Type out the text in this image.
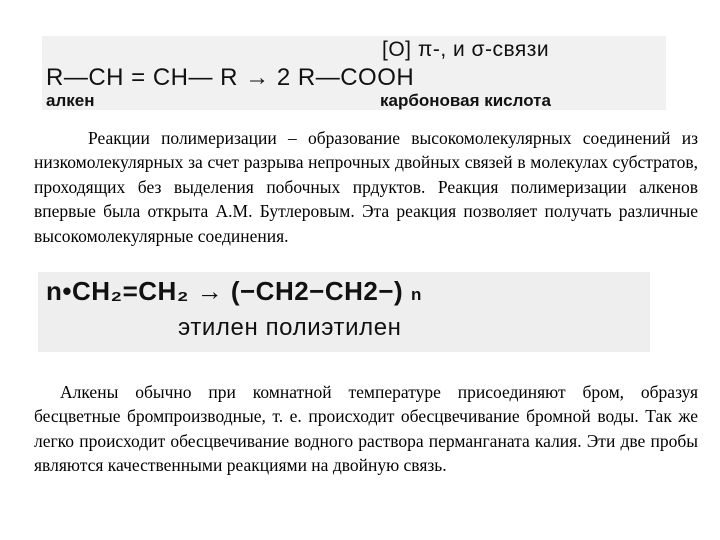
[O] π-, и σ-связи
R—CH = CH— R → 2 R—COOH
алкен	карбоновая кислота

Реакции полимеризации – образование высокомолекулярных соединений из низкомолекулярных за счет разрыва непрочных двойных связей в молекулах субстратов, проходящих без выделения побочных прдуктов. Реакция полимеризации алкенов впервые была открыта А.М. Бутлеровым. Эта реакция позволяет получать различные высокомолекулярные соединения.

n•CH₂=CH₂ → (−CH2−CH2−) n
этилен полиэтилен

Алкены обычно при комнатной температуре присоединяют бром, образуя бесцветные бромпроизводные, т. е. происходит обесцвечивание бромной воды. Так же легко происходит обесцвечивание водного раствора перманганата калия. Эти две пробы являются качественными реакциями на двойную связь.
